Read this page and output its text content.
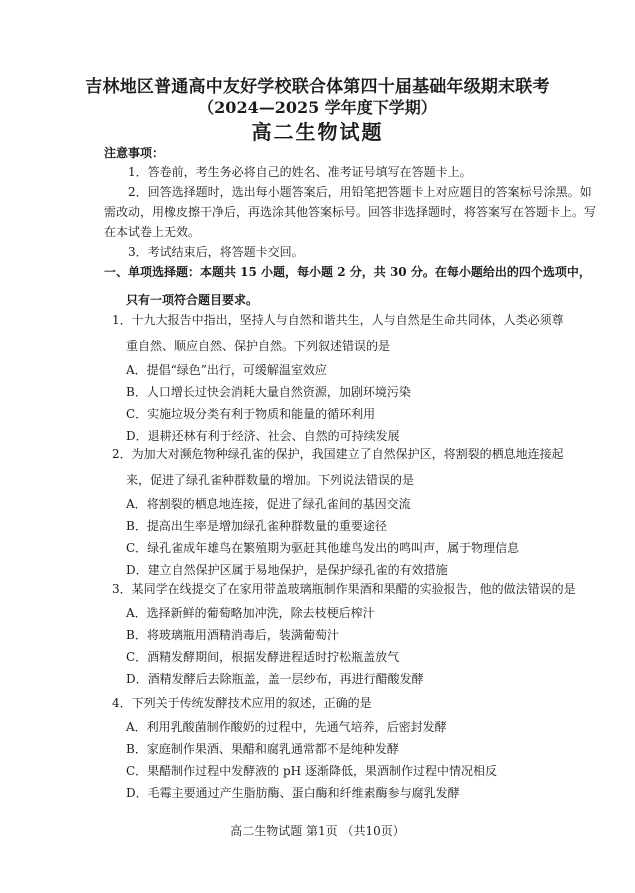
吉林地区普通高中友好学校联合体第四十届基础年级期末联考
（2024—2025 学年度下学期）
高二生物试题
注意事项：

1．答卷前，考生务必将自己的姓名、准考证号填写在答题卡上。

2．回答选择题时，选出每小题答案后，用铅笔把答题卡上对应题目的答案标号涂黑。如需改动，用橡皮擦干净后，再选涂其他答案标号。回答非选择题时，将答案写在答题卡上。写在本试卷上无效。

3．考试结束后，将答题卡交回。

一、单项选择题：本题共 15 小题，每小题 2 分，共 30 分。在每小题给出的四个选项中，
只有一项符合题目要求。
1．十九大报告中指出，坚持人与自然和谐共生，人与自然是生命共同体，人类必须尊
重自然、顺应自然、保护自然。下列叙述错误的是
A．提倡“绿色”出行，可缓解温室效应
B．人口增长过快会消耗大量自然资源，加剧环境污染
C．实施垃圾分类有利于物质和能量的循环利用
D．退耕还林有利于经济、社会、自然的可持续发展
2．为加大对濒危物种绿孔雀的保护，我国建立了自然保护区，将割裂的栖息地连接起
来，促进了绿孔雀种群数量的增加。下列说法错误的是
A．将割裂的栖息地连接，促进了绿孔雀间的基因交流
B．提高出生率是增加绿孔雀种群数量的重要途径
C．绿孔雀成年雄鸟在繁殖期为驱赶其他雄鸟发出的鸣叫声，属于物理信息
D．建立自然保护区属于易地保护，是保护绿孔雀的有效措施
3．某同学在线提交了在家用带盖玻璃瓶制作果酒和果醋的实验报告，他的做法错误的是
A．选择新鲜的葡萄略加冲洗，除去枝梗后榨汁
B．将玻璃瓶用酒精消毒后，装满葡萄汁
C．酒精发酵期间，根据发酵进程适时拧松瓶盖放气
D．酒精发酵后去除瓶盖，盖一层纱布，再进行醋酸发酵
4．下列关于传统发酵技术应用的叙述，正确的是
A．利用乳酸菌制作酸奶的过程中，先通气培养，后密封发酵
B．家庭制作果酒、果醋和腐乳通常都不是纯种发酵
C．果醋制作过程中发酵液的 pH 逐渐降低，果酒制作过程中情况相反
D．毛霉主要通过产生脂肪酶、蛋白酶和纤维素酶参与腐乳发酵
高二生物试题 第1页 （共10页）
